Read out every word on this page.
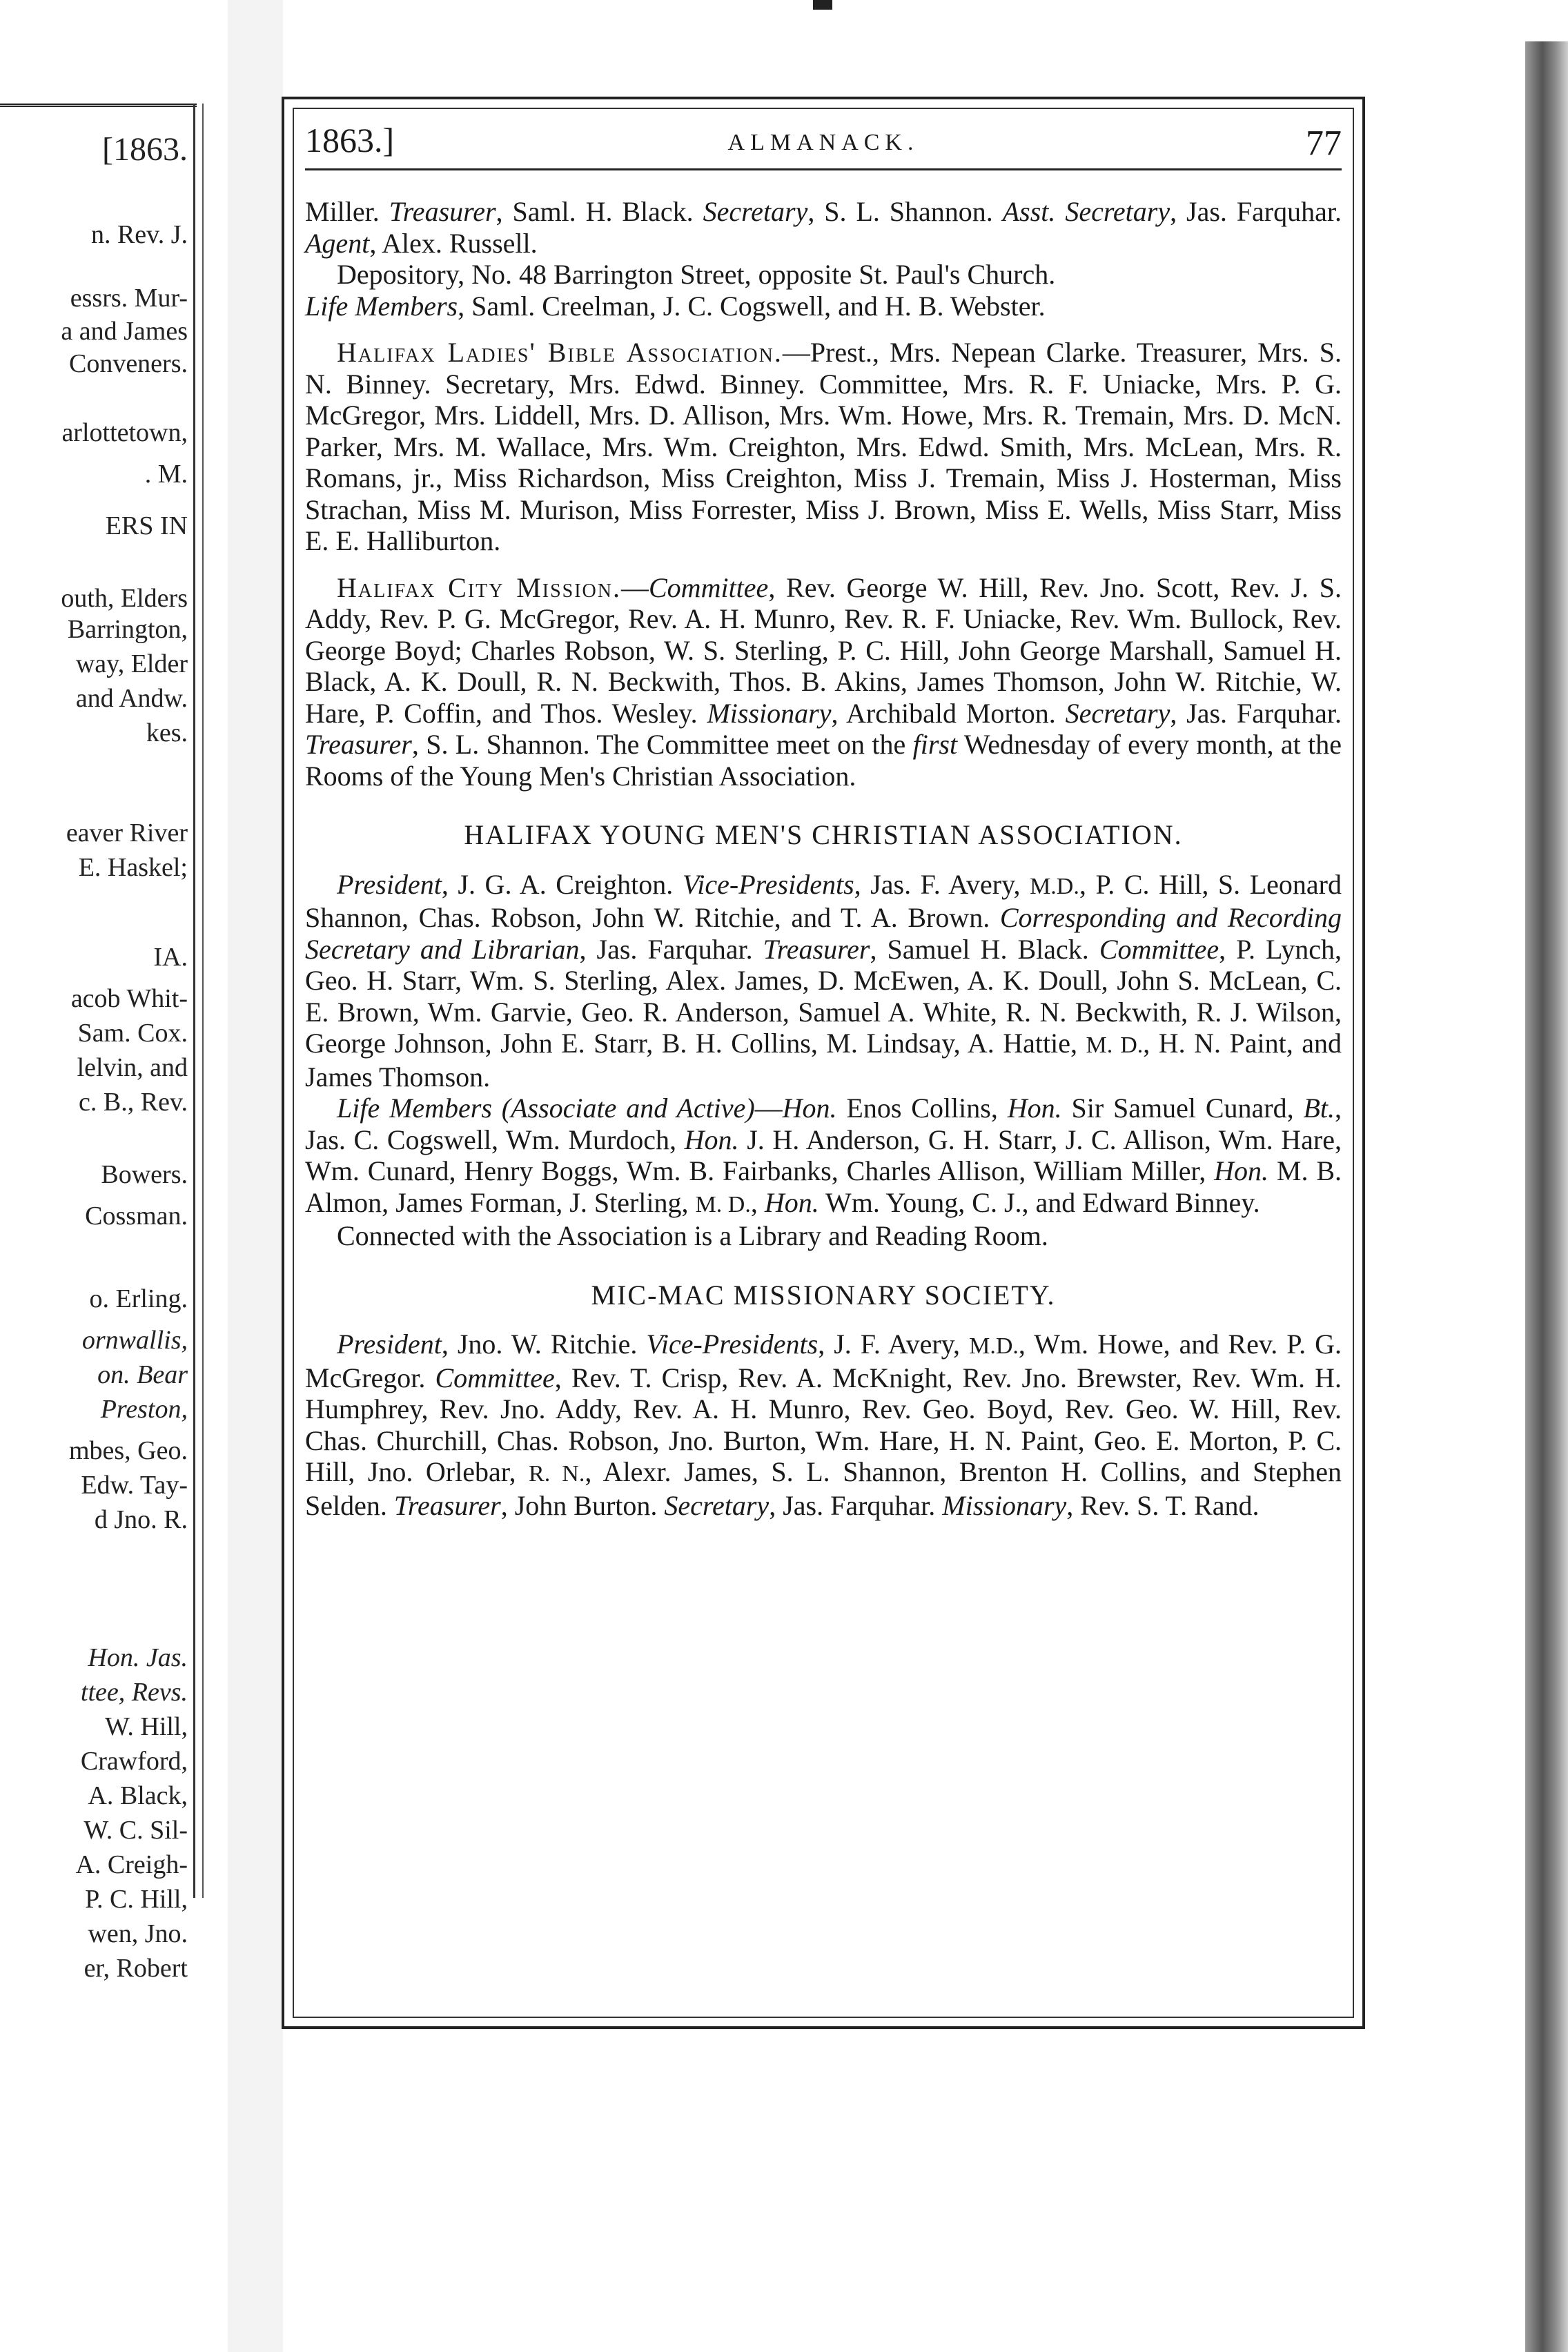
[1863.
n. Rev. J.
essrs. Mur-
a and James
Conveners.
arlottetown,
. M.
ERS IN
outh, Elders
Barrington,
way, Elder
and Andw.
kes.
eaver River
E. Haskel;
IA.
acob Whit-
Sam. Cox.
lelvin, and
c. B., Rev.
Bowers.
Cossman.
o. Erling.
ornwallis,
on. Bear
Preston,
mbes, Geo.
Edw. Tay-
d Jno. R.
Hon. Jas.
ttee, Revs.
W. Hill,
Crawford,
A. Black,
W. C. Sil-
A. Creigh-
P. C. Hill,
wen, Jno.
er, Robert
1863.]	ALMANACK.	77

Miller. Treasurer, Saml. H. Black. Secretary, S. L. Shannon. Asst. Secretary, Jas. Farquhar. Agent, Alex. Russell.

Depository, No. 48 Barrington Street, opposite St. Paul's Church.

Life Members, Saml. Creelman, J. C. Cogswell, and H. B. Webster.

Halifax Ladies' Bible Association.—Prest., Mrs. Nepean Clarke. Treasurer, Mrs. S. N. Binney. Secretary, Mrs. Edwd. Binney. Committee, Mrs. R. F. Uniacke, Mrs. P. G. McGregor, Mrs. Liddell, Mrs. D. Allison, Mrs. Wm. Howe, Mrs. R. Tremain, Mrs. D. McN. Parker, Mrs. M. Wallace, Mrs. Wm. Creighton, Mrs. Edwd. Smith, Mrs. McLean, Mrs. R. Romans, jr., Miss Richardson, Miss Creighton, Miss J. Tremain, Miss J. Hosterman, Miss Strachan, Miss M. Murison, Miss Forrester, Miss J. Brown, Miss E. Wells, Miss Starr, Miss E. E. Halliburton.

Halifax City Mission.—Committee, Rev. George W. Hill, Rev. Jno. Scott, Rev. J. S. Addy, Rev. P. G. McGregor, Rev. A. H. Munro, Rev. R. F. Uniacke, Rev. Wm. Bullock, Rev. George Boyd; Charles Robson, W. S. Sterling, P. C. Hill, John George Marshall, Samuel H. Black, A. K. Doull, R. N. Beckwith, Thos. B. Akins, James Thomson, John W. Ritchie, W. Hare, P. Coffin, and Thos. Wesley. Missionary, Archibald Morton. Secretary, Jas. Farquhar. Treasurer, S. L. Shannon. The Committee meet on the first Wednesday of every month, at the Rooms of the Young Men's Christian Association.

HALIFAX YOUNG MEN'S CHRISTIAN ASSOCIATION.

President, J. G. A. Creighton. Vice-Presidents, Jas. F. Avery, M.D., P. C. Hill, S. Leonard Shannon, Chas. Robson, John W. Ritchie, and T. A. Brown. Corresponding and Recording Secretary and Librarian, Jas. Farquhar. Treasurer, Samuel H. Black. Committee, P. Lynch, Geo. H. Starr, Wm. S. Sterling, Alex. James, D. McEwen, A. K. Doull, John S. McLean, C. E. Brown, Wm. Garvie, Geo. R. Anderson, Samuel A. White, R. N. Beckwith, R. J. Wilson, George Johnson, John E. Starr, B. H. Collins, M. Lindsay, A. Hattie, M. D., H. N. Paint, and James Thomson.

Life Members (Associate and Active)—Hon. Enos Collins, Hon. Sir Samuel Cunard, Bt., Jas. C. Cogswell, Wm. Murdoch, Hon. J. H. Anderson, G. H. Starr, J. C. Allison, Wm. Hare, Wm. Cunard, Henry Boggs, Wm. B. Fairbanks, Charles Allison, William Miller, Hon. M. B. Almon, James Forman, J. Sterling, M. D., Hon. Wm. Young, C. J., and Edward Binney.

Connected with the Association is a Library and Reading Room.

MIC-MAC MISSIONARY SOCIETY.

President, Jno. W. Ritchie. Vice-Presidents, J. F. Avery, M.D., Wm. Howe, and Rev. P. G. McGregor. Committee, Rev. T. Crisp, Rev. A. McKnight, Rev. Jno. Brewster, Rev. Wm. H. Humphrey, Rev. Jno. Addy, Rev. A. H. Munro, Rev. Geo. Boyd, Rev. Geo. W. Hill, Rev. Chas. Churchill, Chas. Robson, Jno. Burton, Wm. Hare, H. N. Paint, Geo. E. Morton, P. C. Hill, Jno. Orlebar, R. N., Alexr. James, S. L. Shannon, Brenton H. Collins, and Stephen Selden. Treasurer, John Burton. Secretary, Jas. Farquhar. Missionary, Rev. S. T. Rand.
